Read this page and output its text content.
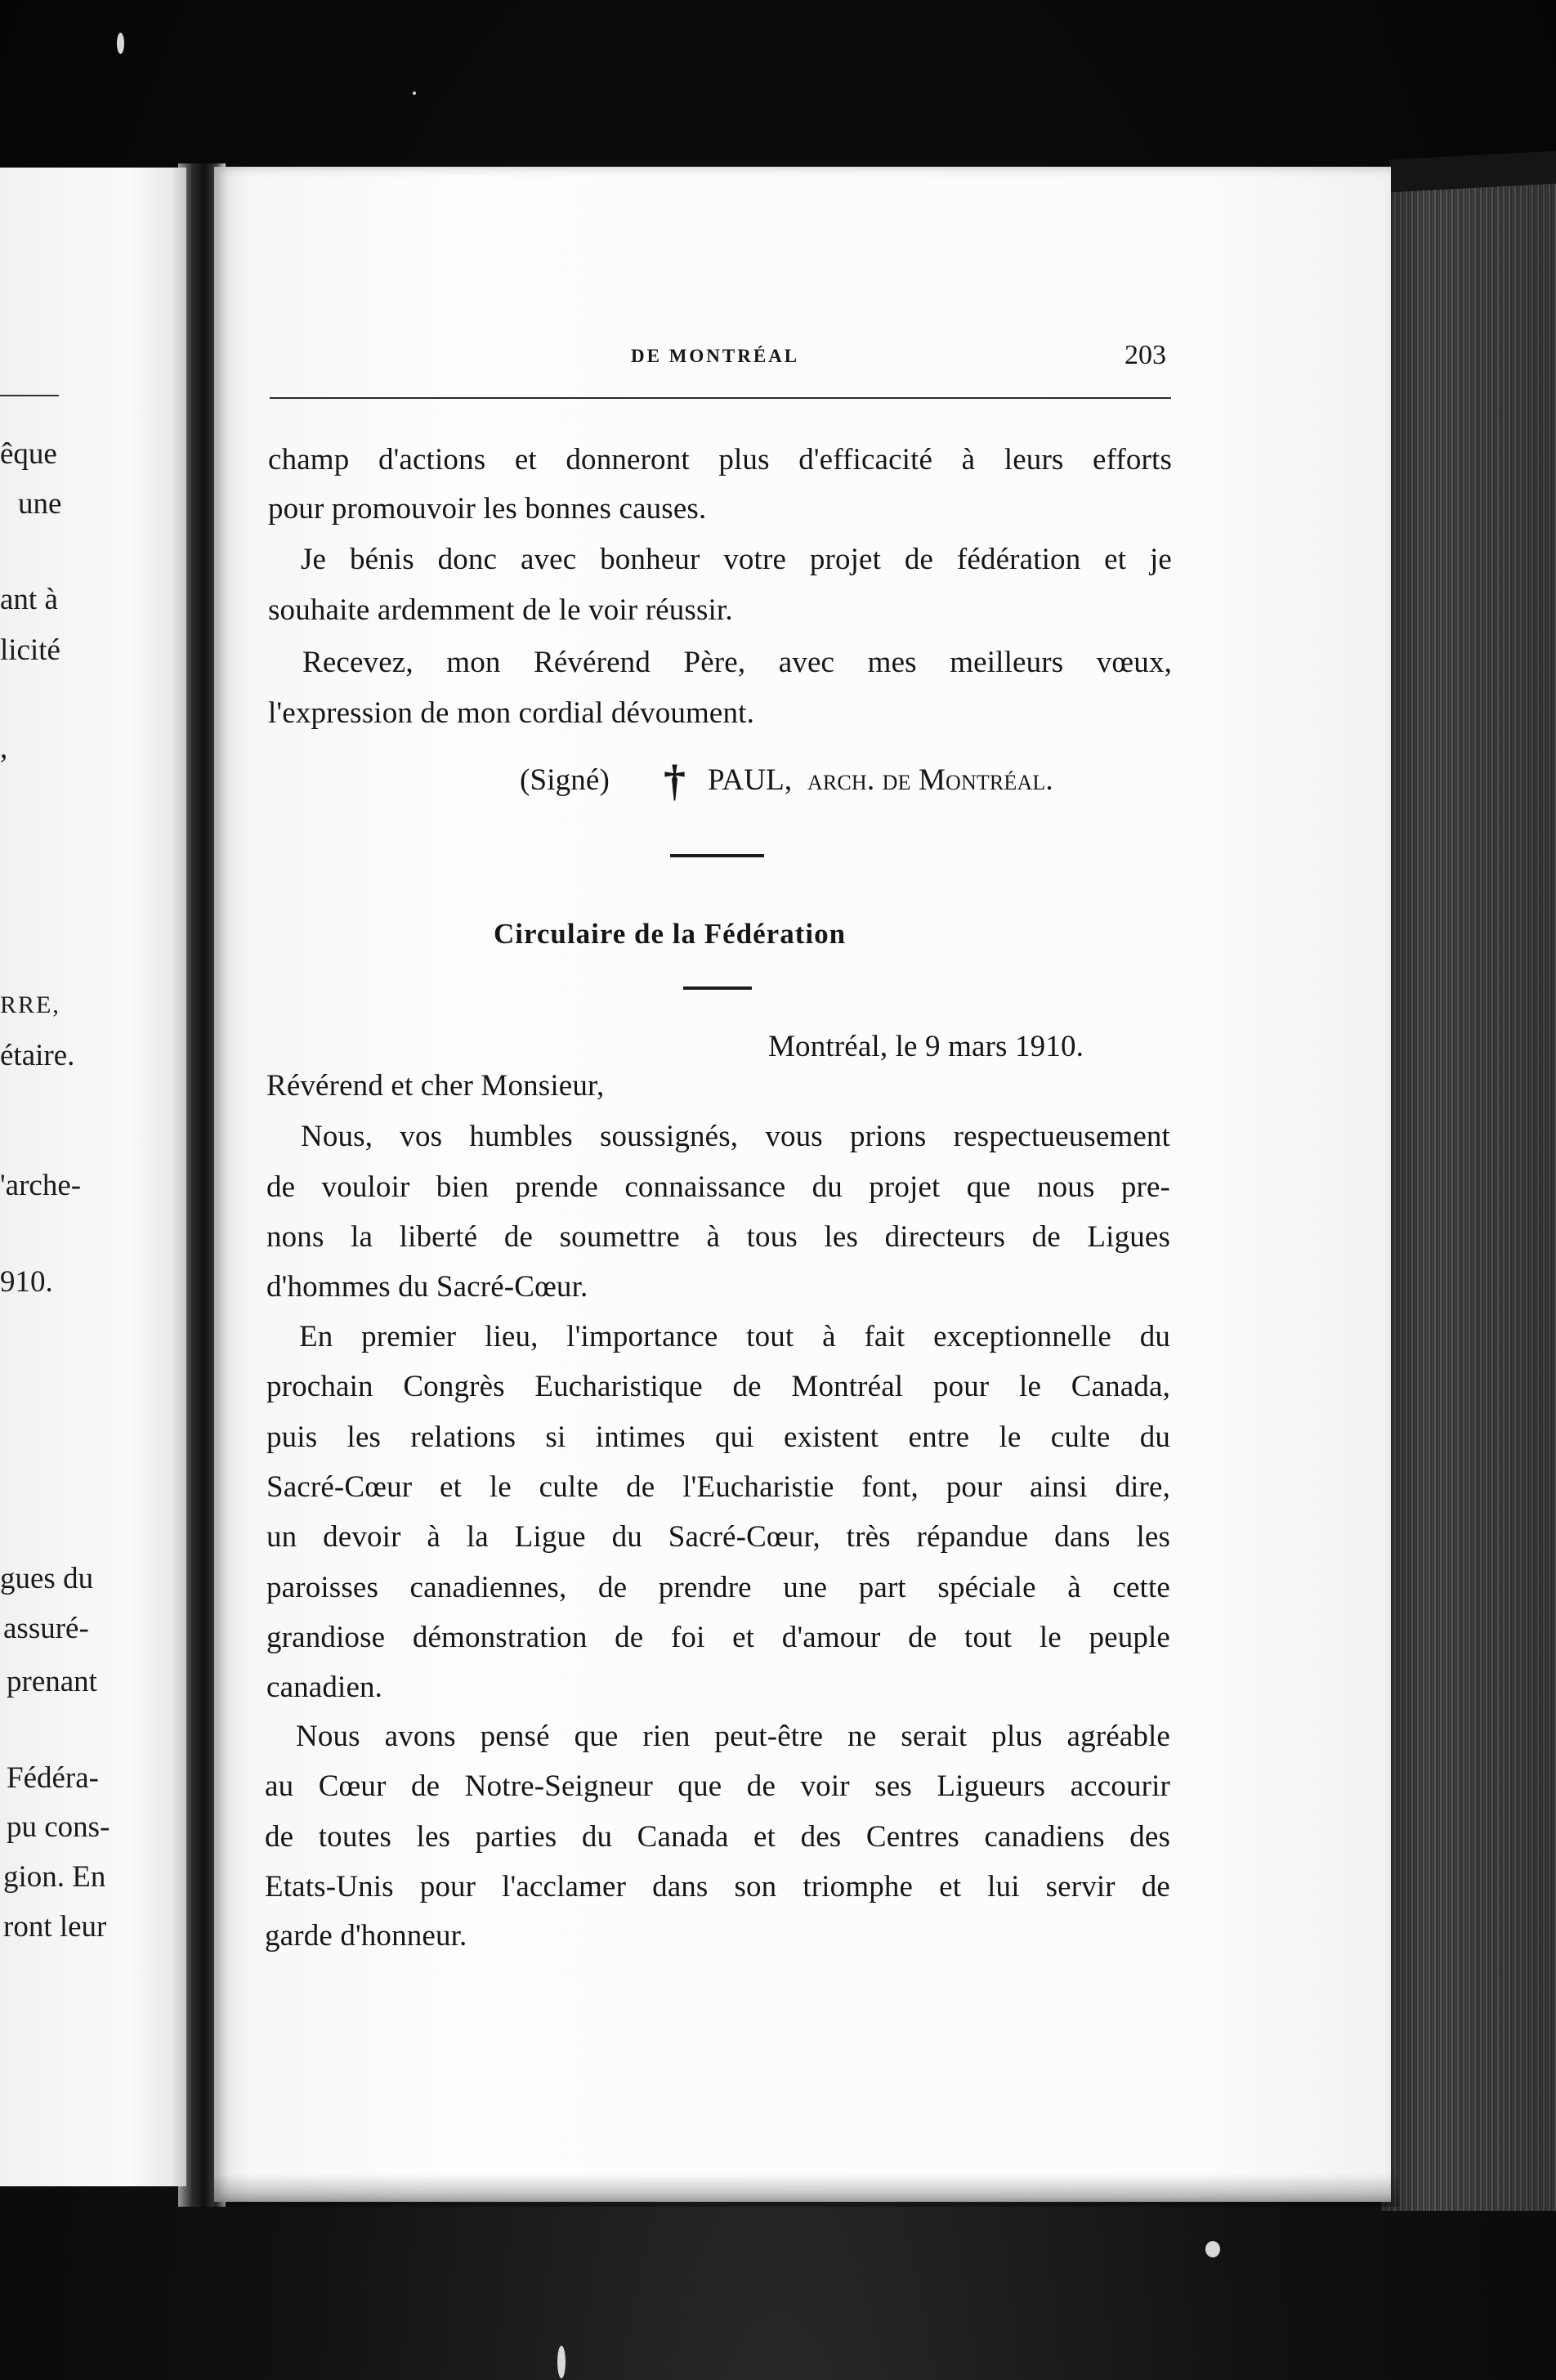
êque
une
ant à
licité
,
RRE,
étaire.
'arche-
910.
gues du
assuré-
prenant
Fédéra-
pu cons-
gion. En
ront leur
DE MONTRÉAL	203
champ d'actions et donneront plus d'efficacité à leurs efforts
pour promouvoir les bonnes causes.
Je bénis donc avec bonheur votre projet de fédération et je
souhaite ardemment de le voir réussir.
Recevez, mon Révérend Père, avec mes meilleurs vœux,
l'expression de mon cordial dévoument.
(Signé) † PAUL, arch. de Montréal.
Circulaire de la Fédération
Montréal, le 9 mars 1910.
Révérend et cher Monsieur,
Nous, vos humbles soussignés, vous prions respectueusement
de vouloir bien prende connaissance du projet que nous pre-
nons la liberté de soumettre à tous les directeurs de Ligues
d'hommes du Sacré-Cœur.
En premier lieu, l'importance tout à fait exceptionnelle du
prochain Congrès Eucharistique de Montréal pour le Canada,
puis les relations si intimes qui existent entre le culte du
Sacré-Cœur et le culte de l'Eucharistie font, pour ainsi dire,
un devoir à la Ligue du Sacré-Cœur, très répandue dans les
paroisses canadiennes, de prendre une part spéciale à cette
grandiose démonstration de foi et d'amour de tout le peuple
canadien.
Nous avons pensé que rien peut-être ne serait plus agréable
au Cœur de Notre-Seigneur que de voir ses Ligueurs accourir
de toutes les parties du Canada et des Centres canadiens des
Etats-Unis pour l'acclamer dans son triomphe et lui servir de
garde d'honneur.
